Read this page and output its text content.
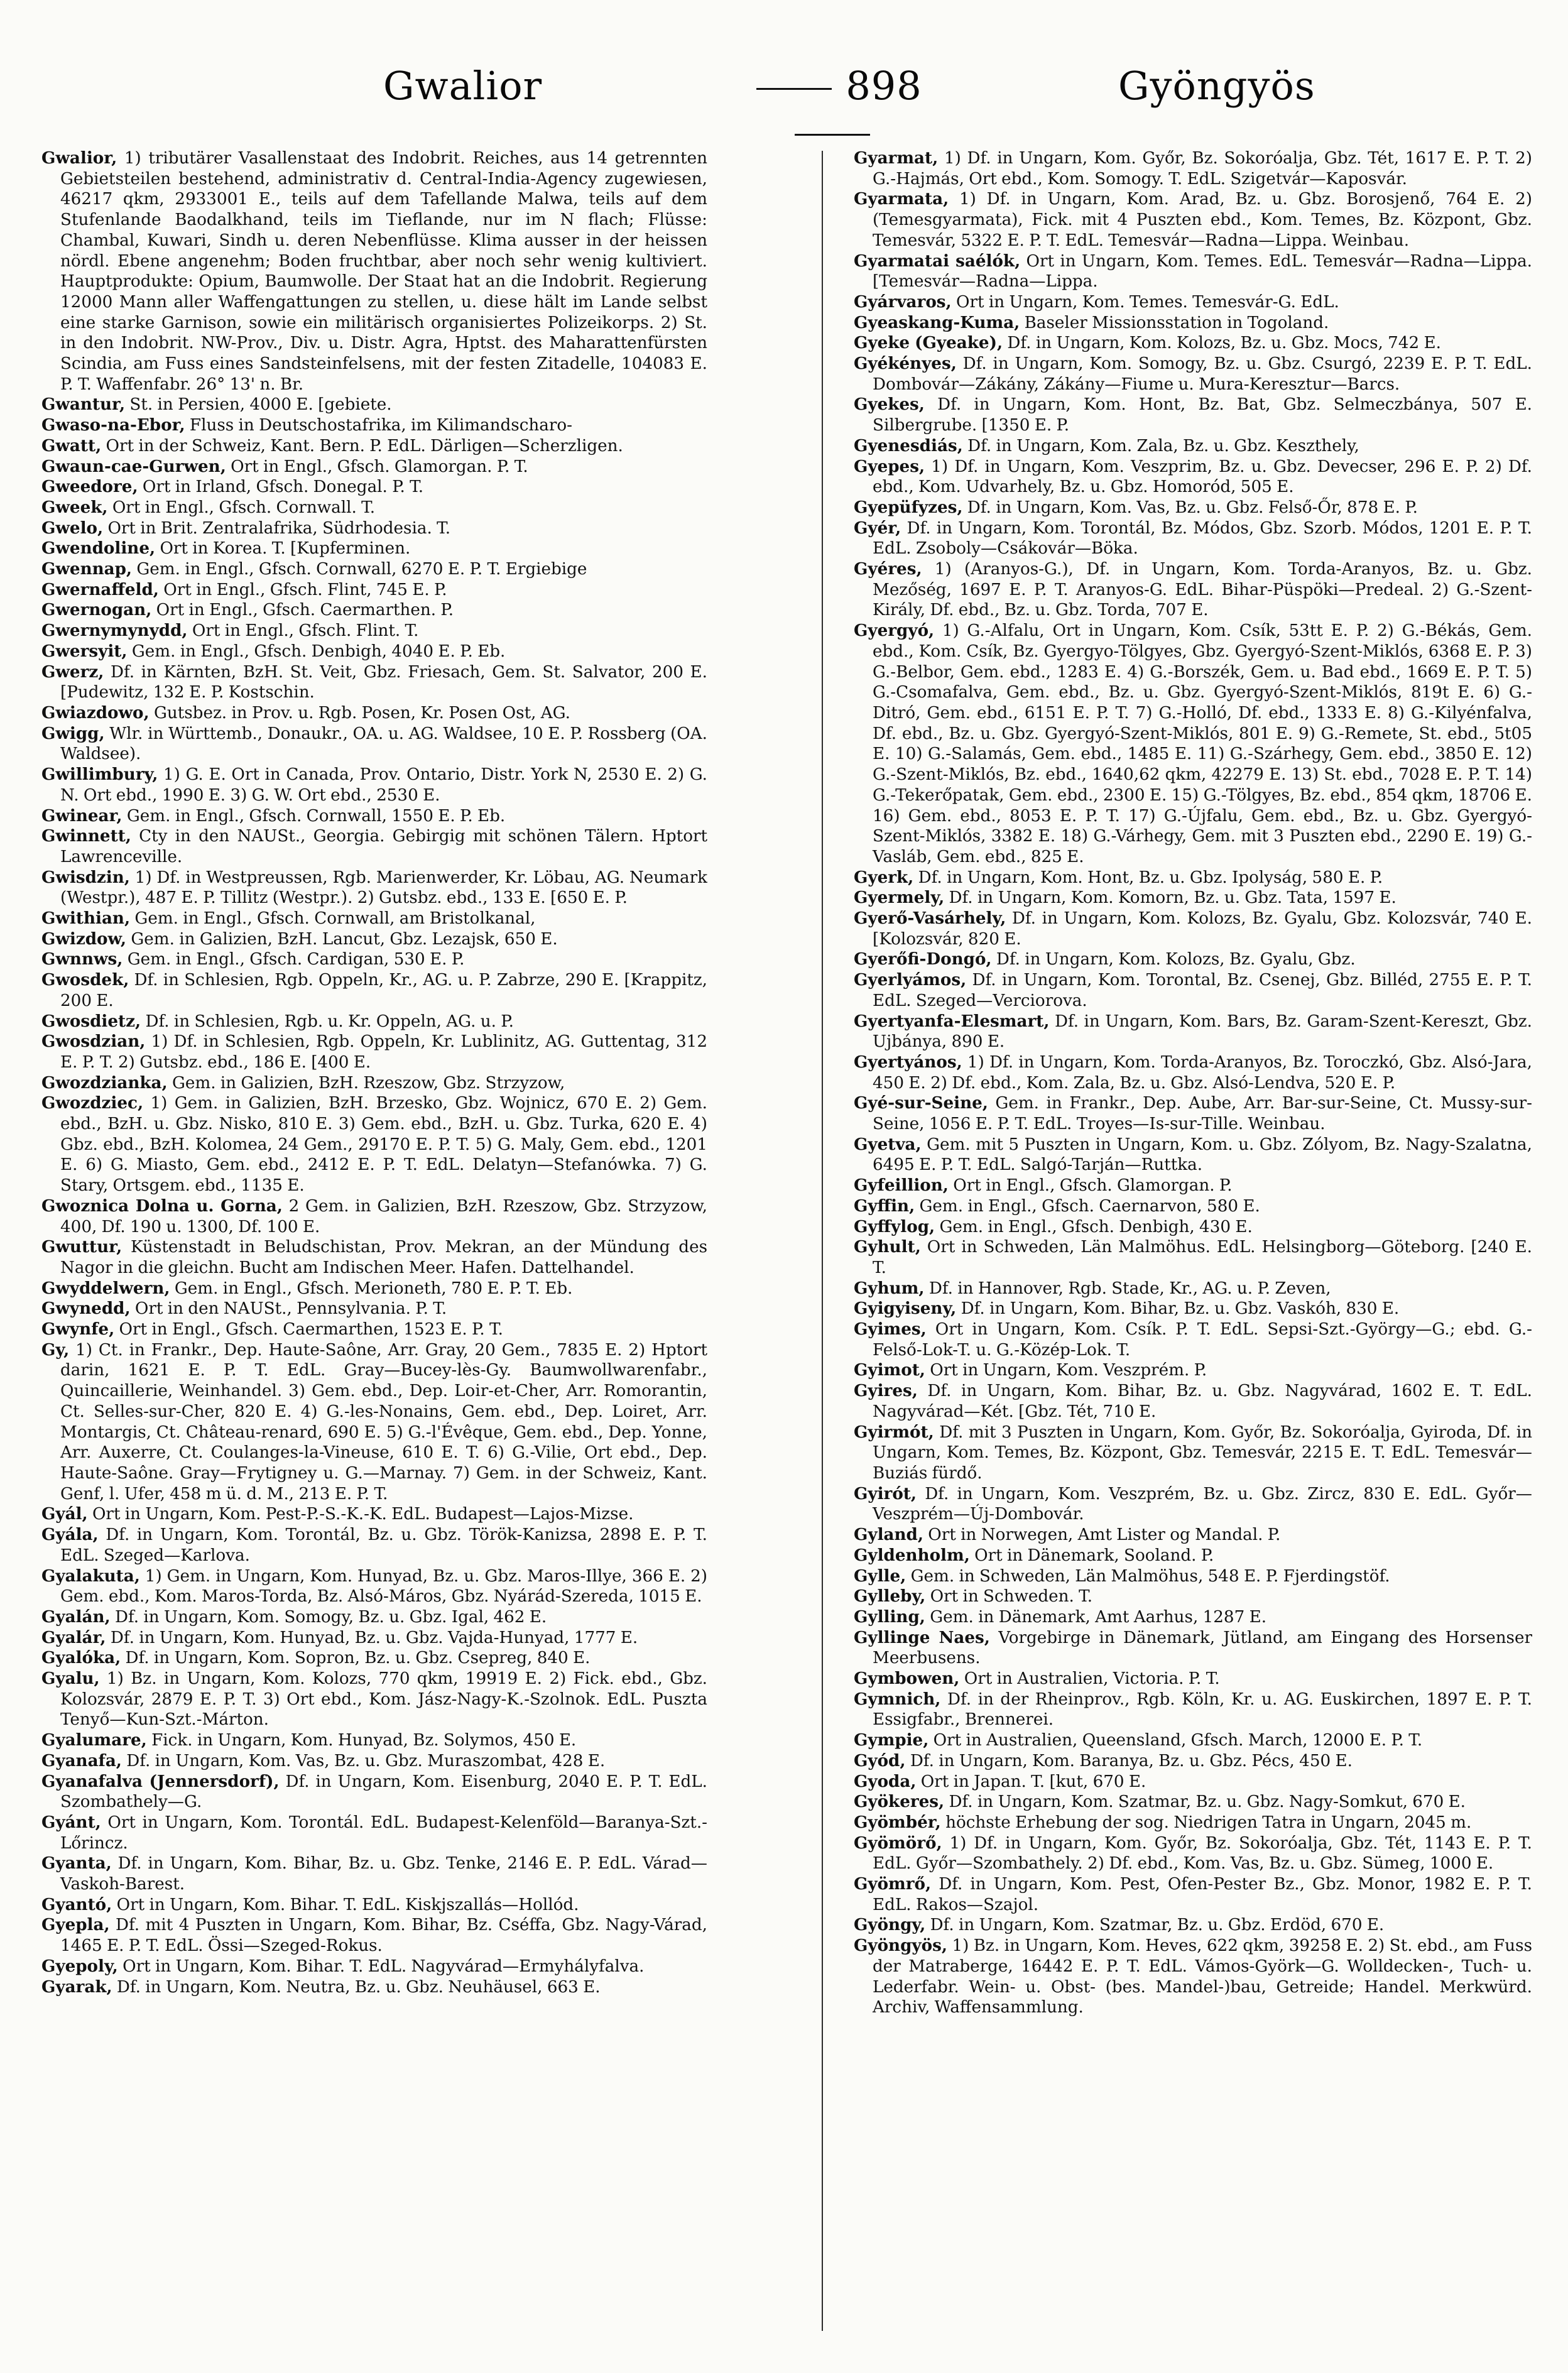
Gwalior	898	Gyöngyös

Gwalior, 1) tributärer Vasallenstaat des Indobrit. Reiches, aus 14 getrennten Gebietsteilen bestehend, administrativ d. Central-India-Agency zugewiesen, 46217 qkm, 2933001 E., teils auf dem Tafellande Malwa, teils auf dem Stufenlande Baodalkhand, teils im Tieflande, nur im N flach; Flüsse: Chambal, Kuwari, Sindh u. deren Nebenflüsse. Klima ausser in der heissen nördl. Ebene angenehm; Boden fruchtbar, aber noch sehr wenig kultiviert. Hauptprodukte: Opium, Baumwolle. Der Staat hat an die Indobrit. Regierung 12000 Mann aller Waffengattungen zu stellen, u. diese hält im Lande selbst eine starke Garnison, sowie ein militärisch organisiertes Polizeikorps. 2) St. in den Indobrit. NW-Prov., Div. u. Distr. Agra, Hptst. des Maharattenfürsten Scindia, am Fuss eines Sandsteinfelsens, mit der festen Zitadelle, 104083 E. P. T. Waffenfabr. 26° 13' n. Br.

Gwantur, St. in Persien, 4000 E. [gebiete.

Gwaso-na-Ebor, Fluss in Deutschostafrika, im Kilimandscharo-

Gwatt, Ort in der Schweiz, Kant. Bern. P. EdL. Därligen—Scherzligen.

Gwaun-cae-Gurwen, Ort in Engl., Gfsch. Glamorgan. P. T.

Gweedore, Ort in Irland, Gfsch. Donegal. P. T.

Gweek, Ort in Engl., Gfsch. Cornwall. T.

Gwelo, Ort in Brit. Zentralafrika, Südrhodesia. T.

Gwendoline, Ort in Korea. T. [Kupferminen.

Gwennap, Gem. in Engl., Gfsch. Cornwall, 6270 E. P. T. Ergiebige

Gwernaffeld, Ort in Engl., Gfsch. Flint, 745 E. P.

Gwernogan, Ort in Engl., Gfsch. Caermarthen. P.

Gwernymynydd, Ort in Engl., Gfsch. Flint. T.

Gwersyit, Gem. in Engl., Gfsch. Denbigh, 4040 E. P. Eb.

Gwerz, Df. in Kärnten, BzH. St. Veit, Gbz. Friesach, Gem. St. Salvator, 200 E. [Pudewitz, 132 E. P. Kostschin.

Gwiazdowo, Gutsbez. in Prov. u. Rgb. Posen, Kr. Posen Ost, AG.

Gwigg, Wlr. in Württemb., Donaukr., OA. u. AG. Waldsee, 10 E. P. Rossberg (OA. Waldsee).

Gwillimbury, 1) G. E. Ort in Canada, Prov. Ontario, Distr. York N, 2530 E. 2) G. N. Ort ebd., 1990 E. 3) G. W. Ort ebd., 2530 E.

Gwinear, Gem. in Engl., Gfsch. Cornwall, 1550 E. P. Eb.

Gwinnett, Cty in den NAUSt., Georgia. Gebirgig mit schönen Tälern. Hptort Lawrenceville.

Gwisdzin, 1) Df. in Westpreussen, Rgb. Marienwerder, Kr. Löbau, AG. Neumark (Westpr.), 487 E. P. Tillitz (Westpr.). 2) Gutsbz. ebd., 133 E. [650 E. P.

Gwithian, Gem. in Engl., Gfsch. Cornwall, am Bristolkanal,

Gwizdow, Gem. in Galizien, BzH. Lancut, Gbz. Lezajsk, 650 E.

Gwnnws, Gem. in Engl., Gfsch. Cardigan, 530 E. P.

Gwosdek, Df. in Schlesien, Rgb. Oppeln, Kr., AG. u. P. Zabrze, 290 E. [Krappitz, 200 E.

Gwosdietz, Df. in Schlesien, Rgb. u. Kr. Oppeln, AG. u. P.

Gwosdzian, 1) Df. in Schlesien, Rgb. Oppeln, Kr. Lublinitz, AG. Guttentag, 312 E. P. T. 2) Gutsbz. ebd., 186 E. [400 E.

Gwozdzianka, Gem. in Galizien, BzH. Rzeszow, Gbz. Strzyzow,

Gwozdziec, 1) Gem. in Galizien, BzH. Brzesko, Gbz. Wojnicz, 670 E. 2) Gem. ebd., BzH. u. Gbz. Nisko, 810 E. 3) Gem. ebd., BzH. u. Gbz. Turka, 620 E. 4) Gbz. ebd., BzH. Kolomea, 24 Gem., 29170 E. P. T. 5) G. Maly, Gem. ebd., 1201 E. 6) G. Miasto, Gem. ebd., 2412 E. P. T. EdL. Delatyn—Stefanówka. 7) G. Stary, Ortsgem. ebd., 1135 E.

Gwoznica Dolna u. Gorna, 2 Gem. in Galizien, BzH. Rzeszow, Gbz. Strzyzow, 400, Df. 190 u. 1300, Df. 100 E.

Gwuttur, Küstenstadt in Beludschistan, Prov. Mekran, an der Mündung des Nagor in die gleichn. Bucht am Indischen Meer. Hafen. Dattelhandel.

Gwyddelwern, Gem. in Engl., Gfsch. Merioneth, 780 E. P. T. Eb.

Gwynedd, Ort in den NAUSt., Pennsylvania. P. T.

Gwynfe, Ort in Engl., Gfsch. Caermarthen, 1523 E. P. T.

Gy, 1) Ct. in Frankr., Dep. Haute-Saône, Arr. Gray, 20 Gem., 7835 E. 2) Hptort darin, 1621 E. P. T. EdL. Gray—Bucey-lès-Gy. Baumwollwarenfabr., Quincaillerie, Weinhandel. 3) Gem. ebd., Dep. Loir-et-Cher, Arr. Romorantin, Ct. Selles-sur-Cher, 820 E. 4) G.-les-Nonains, Gem. ebd., Dep. Loiret, Arr. Montargis, Ct. Château-renard, 690 E. 5) G.-l'Évêque, Gem. ebd., Dep. Yonne, Arr. Auxerre, Ct. Coulanges-la-Vineuse, 610 E. T. 6) G.-Vilie, Ort ebd., Dep. Haute-Saône. Gray—Frytigney u. G.—Marnay. 7) Gem. in der Schweiz, Kant. Genf, l. Ufer, 458 m ü. d. M., 213 E. P. T.

Gyál, Ort in Ungarn, Kom. Pest-P.-S.-K.-K. EdL. Budapest—Lajos-Mizse.

Gyála, Df. in Ungarn, Kom. Torontál, Bz. u. Gbz. Török-Kanizsa, 2898 E. P. T. EdL. Szeged—Karlova.

Gyalakuta, 1) Gem. in Ungarn, Kom. Hunyad, Bz. u. Gbz. Maros-Illye, 366 E. 2) Gem. ebd., Kom. Maros-Torda, Bz. Alsó-Máros, Gbz. Nyárád-Szereda, 1015 E.

Gyalán, Df. in Ungarn, Kom. Somogy, Bz. u. Gbz. Igal, 462 E.

Gyalár, Df. in Ungarn, Kom. Hunyad, Bz. u. Gbz. Vajda-Hunyad, 1777 E.

Gyalóka, Df. in Ungarn, Kom. Sopron, Bz. u. Gbz. Csepreg, 840 E.

Gyalu, 1) Bz. in Ungarn, Kom. Kolozs, 770 qkm, 19919 E. 2) Fick. ebd., Gbz. Kolozsvár, 2879 E. P. T. 3) Ort ebd., Kom. Jász-Nagy-K.-Szolnok. EdL. Puszta Tenyő—Kun-Szt.-Márton.

Gyalumare, Fick. in Ungarn, Kom. Hunyad, Bz. Solymos, 450 E.

Gyanafa, Df. in Ungarn, Kom. Vas, Bz. u. Gbz. Muraszombat, 428 E.

Gyanafalva (Jennersdorf), Df. in Ungarn, Kom. Eisenburg, 2040 E. P. T. EdL. Szombathely—G.

Gyánt, Ort in Ungarn, Kom. Torontál. EdL. Budapest-Kelenföld—Baranya-Szt.-Lőrincz.

Gyanta, Df. in Ungarn, Kom. Bihar, Bz. u. Gbz. Tenke, 2146 E. P. EdL. Várad—Vaskoh-Barest.

Gyantó, Ort in Ungarn, Kom. Bihar. T. EdL. Kiskjszallás—Hollód.

Gyepla, Df. mit 4 Puszten in Ungarn, Kom. Bihar, Bz. Cséffa, Gbz. Nagy-Várad, 1465 E. P. T. EdL. Össi—Szeged-Rokus.

Gyepoly, Ort in Ungarn, Kom. Bihar. T. EdL. Nagyvárad—Ermyhályfalva.

Gyarak, Df. in Ungarn, Kom. Neutra, Bz. u. Gbz. Neuhäusel, 663 E.

Gyarmat, 1) Df. in Ungarn, Kom. Győr, Bz. Sokoróalja, Gbz. Tét, 1617 E. P. T. 2) G.-Hajmás, Ort ebd., Kom. Somogy. T. EdL. Szigetvár—Kaposvár.

Gyarmata, 1) Df. in Ungarn, Kom. Arad, Bz. u. Gbz. Borosjenő, 764 E. 2) (Temesgyarmata), Fick. mit 4 Puszten ebd., Kom. Temes, Bz. Központ, Gbz. Temesvár, 5322 E. P. T. EdL. Temesvár—Radna—Lippa. Weinbau.

Gyarmatai saélók, Ort in Ungarn, Kom. Temes. EdL. Temesvár—Radna—Lippa. [Temesvár—Radna—Lippa.

Gyárvaros, Ort in Ungarn, Kom. Temes. Temesvár-G. EdL.

Gyeaskang-Kuma, Baseler Missionsstation in Togoland.

Gyeke (Gyeake), Df. in Ungarn, Kom. Kolozs, Bz. u. Gbz. Mocs, 742 E.

Gyékényes, Df. in Ungarn, Kom. Somogy, Bz. u. Gbz. Csurgó, 2239 E. P. T. EdL. Dombovár—Zákány, Zákány—Fiume u. Mura-Keresztur—Barcs.

Gyekes, Df. in Ungarn, Kom. Hont, Bz. Bat, Gbz. Selmeczbánya, 507 E. Silbergrube. [1350 E. P.

Gyenesdiás, Df. in Ungarn, Kom. Zala, Bz. u. Gbz. Keszthely,

Gyepes, 1) Df. in Ungarn, Kom. Veszprim, Bz. u. Gbz. Devecser, 296 E. P. 2) Df. ebd., Kom. Udvarhely, Bz. u. Gbz. Homoród, 505 E.

Gyepüfyzes, Df. in Ungarn, Kom. Vas, Bz. u. Gbz. Felső-Őr, 878 E. P.

Gyér, Df. in Ungarn, Kom. Torontál, Bz. Módos, Gbz. Szorb. Módos, 1201 E. P. T. EdL. Zsoboly—Csákovár—Böka.

Gyéres, 1) (Aranyos-G.), Df. in Ungarn, Kom. Torda-Aranyos, Bz. u. Gbz. Mezőség, 1697 E. P. T. Aranyos-G. EdL. Bihar-Püspöki—Predeal. 2) G.-Szent-Király, Df. ebd., Bz. u. Gbz. Torda, 707 E.

Gyergyó, 1) G.-Alfalu, Ort in Ungarn, Kom. Csík, 53tt E. P. 2) G.-Békás, Gem. ebd., Kom. Csík, Bz. Gyergyo-Tölgyes, Gbz. Gyergyó-Szent-Miklós, 6368 E. P. 3) G.-Belbor, Gem. ebd., 1283 E. 4) G.-Borszék, Gem. u. Bad ebd., 1669 E. P. T. 5) G.-Csomafalva, Gem. ebd., Bz. u. Gbz. Gyergyó-Szent-Miklós, 819t E. 6) G.-Ditró, Gem. ebd., 6151 E. P. T. 7) G.-Holló, Df. ebd., 1333 E. 8) G.-Kilyénfalva, Df. ebd., Bz. u. Gbz. Gyergyó-Szent-Miklós, 801 E. 9) G.-Remete, St. ebd., 5t05 E. 10) G.-Salamás, Gem. ebd., 1485 E. 11) G.-Szárhegy, Gem. ebd., 3850 E. 12) G.-Szent-Miklós, Bz. ebd., 1640,62 qkm, 42279 E. 13) St. ebd., 7028 E. P. T. 14) G.-Tekerőpatak, Gem. ebd., 2300 E. 15) G.-Tölgyes, Bz. ebd., 854 qkm, 18706 E. 16) Gem. ebd., 8053 E. P. T. 17) G.-Újfalu, Gem. ebd., Bz. u. Gbz. Gyergyó-Szent-Miklós, 3382 E. 18) G.-Várhegy, Gem. mit 3 Puszten ebd., 2290 E. 19) G.-Vasláb, Gem. ebd., 825 E.

Gyerk, Df. in Ungarn, Kom. Hont, Bz. u. Gbz. Ipolyság, 580 E. P.

Gyermely, Df. in Ungarn, Kom. Komorn, Bz. u. Gbz. Tata, 1597 E.

Gyerő-Vasárhely, Df. in Ungarn, Kom. Kolozs, Bz. Gyalu, Gbz. Kolozsvár, 740 E. [Kolozsvár, 820 E.

Gyerőfi-Dongó, Df. in Ungarn, Kom. Kolozs, Bz. Gyalu, Gbz.

Gyerlyámos, Df. in Ungarn, Kom. Torontal, Bz. Csenej, Gbz. Billéd, 2755 E. P. T. EdL. Szeged—Verciorova.

Gyertyanfa-Elesmart, Df. in Ungarn, Kom. Bars, Bz. Garam-Szent-Kereszt, Gbz. Ujbánya, 890 E.

Gyertyános, 1) Df. in Ungarn, Kom. Torda-Aranyos, Bz. Toroczkó, Gbz. Alsó-Jara, 450 E. 2) Df. ebd., Kom. Zala, Bz. u. Gbz. Alsó-Lendva, 520 E. P.

Gyé-sur-Seine, Gem. in Frankr., Dep. Aube, Arr. Bar-sur-Seine, Ct. Mussy-sur-Seine, 1056 E. P. T. EdL. Troyes—Is-sur-Tille. Weinbau.

Gyetva, Gem. mit 5 Puszten in Ungarn, Kom. u. Gbz. Zólyom, Bz. Nagy-Szalatna, 6495 E. P. T. EdL. Salgó-Tarján—Ruttka.

Gyfeillion, Ort in Engl., Gfsch. Glamorgan. P.

Gyffin, Gem. in Engl., Gfsch. Caernarvon, 580 E.

Gyffylog, Gem. in Engl., Gfsch. Denbigh, 430 E.

Gyhult, Ort in Schweden, Län Malmöhus. EdL. Helsingborg—Göteborg. [240 E. T.

Gyhum, Df. in Hannover, Rgb. Stade, Kr., AG. u. P. Zeven,

Gyigyiseny, Df. in Ungarn, Kom. Bihar, Bz. u. Gbz. Vaskóh, 830 E.

Gyimes, Ort in Ungarn, Kom. Csík. P. T. EdL. Sepsi-Szt.-György—G.; ebd. G.-Felső-Lok-T. u. G.-Közép-Lok. T.

Gyimot, Ort in Ungarn, Kom. Veszprém. P.

Gyires, Df. in Ungarn, Kom. Bihar, Bz. u. Gbz. Nagyvárad, 1602 E. T. EdL. Nagyvárad—Két. [Gbz. Tét, 710 E.

Gyirmót, Df. mit 3 Puszten in Ungarn, Kom. Győr, Bz. Sokoróalja, Gyiroda, Df. in Ungarn, Kom. Temes, Bz. Központ, Gbz. Temesvár, 2215 E. T. EdL. Temesvár—Buziás fürdő.

Gyirót, Df. in Ungarn, Kom. Veszprém, Bz. u. Gbz. Zircz, 830 E. EdL. Győr—Veszprém—Új-Dombovár.

Gyland, Ort in Norwegen, Amt Lister og Mandal. P.

Gyldenholm, Ort in Dänemark, Sooland. P.

Gylle, Gem. in Schweden, Län Malmöhus, 548 E. P. Fjerdingstöf.

Gylleby, Ort in Schweden. T.

Gylling, Gem. in Dänemark, Amt Aarhus, 1287 E.

Gyllinge Naes, Vorgebirge in Dänemark, Jütland, am Eingang des Horsenser Meerbusens.

Gymbowen, Ort in Australien, Victoria. P. T.

Gymnich, Df. in der Rheinprov., Rgb. Köln, Kr. u. AG. Euskirchen, 1897 E. P. T. Essigfabr., Brennerei.

Gympie, Ort in Australien, Queensland, Gfsch. March, 12000 E. P. T.

Gyód, Df. in Ungarn, Kom. Baranya, Bz. u. Gbz. Pécs, 450 E.

Gyoda, Ort in Japan. T. [kut, 670 E.

Gyökeres, Df. in Ungarn, Kom. Szatmar, Bz. u. Gbz. Nagy-Somkut, 670 E.

Gyömbér, höchste Erhebung der sog. Niedrigen Tatra in Ungarn, 2045 m.

Gyömörő, 1) Df. in Ungarn, Kom. Győr, Bz. Sokoróalja, Gbz. Tét, 1143 E. P. T. EdL. Győr—Szombathely. 2) Df. ebd., Kom. Vas, Bz. u. Gbz. Sümeg, 1000 E.

Gyömrő, Df. in Ungarn, Kom. Pest, Ofen-Pester Bz., Gbz. Monor, 1982 E. P. T. EdL. Rakos—Szajol.

Gyöngy, Df. in Ungarn, Kom. Szatmar, Bz. u. Gbz. Erdöd, 670 E.

Gyöngyös, 1) Bz. in Ungarn, Kom. Heves, 622 qkm, 39258 E. 2) St. ebd., am Fuss der Matraberge, 16442 E. P. T. EdL. Vámos-Györk—G. Wolldecken-, Tuch- u. Lederfabr. Wein- u. Obst- (bes. Mandel-)bau, Getreide; Handel. Merkwürd. Archiv, Waffensammlung.
